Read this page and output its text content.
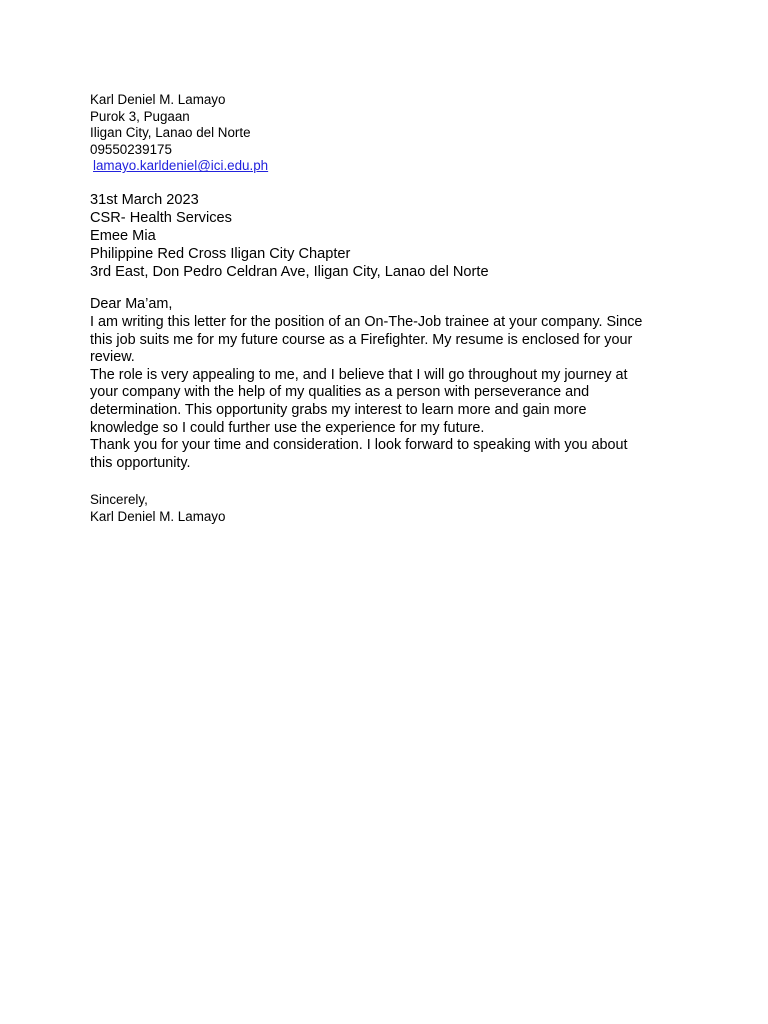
Karl Deniel M. Lamayo
Purok 3, Pugaan
Iligan City, Lanao del Norte
09550239175
lamayo.karldeniel@ici.edu.ph
31st March 2023
CSR- Health Services
Emee Mia
Philippine Red Cross Iligan City Chapter
3rd East, Don Pedro Celdran Ave, Iligan City, Lanao del Norte
Dear Ma’am,
I am writing this letter for the position of an On-The-Job trainee at your company. Since
this job suits me for my future course as a Firefighter. My resume is enclosed for your
review.
The role is very appealing to me, and I believe that I will go throughout my journey at
your company with the help of my qualities as a person with perseverance and
determination. This opportunity grabs my interest to learn more and gain more
knowledge so I could further use the experience for my future.
Thank you for your time and consideration. I look forward to speaking with you about
this opportunity.
Sincerely,
Karl Deniel M. Lamayo
